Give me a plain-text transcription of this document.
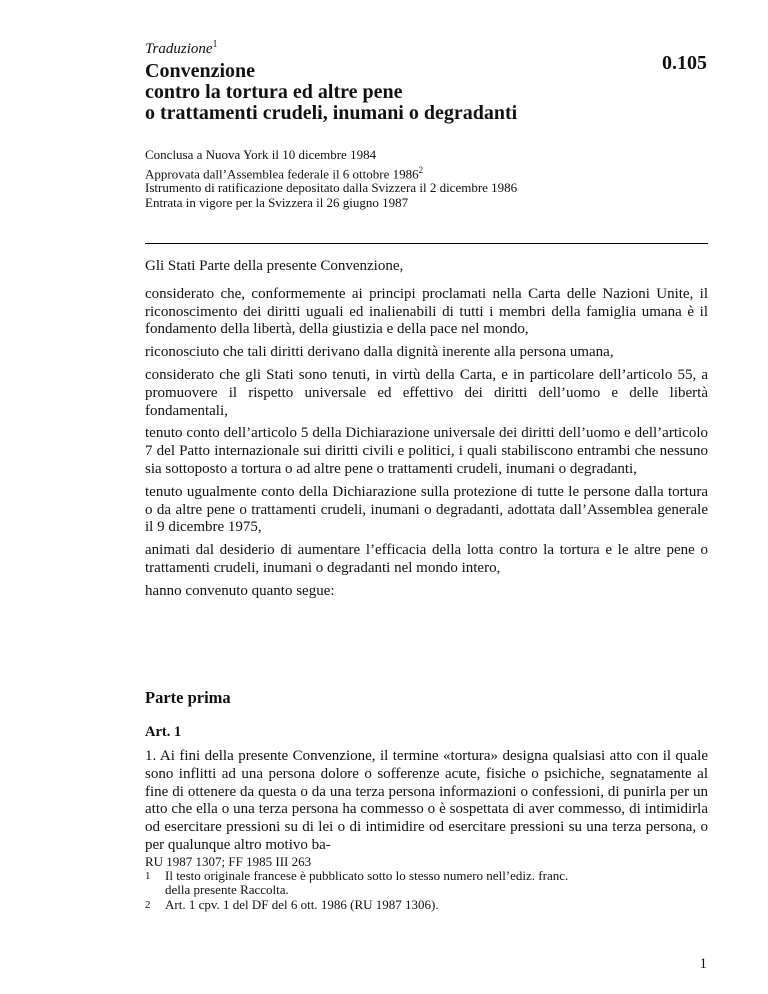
Traduzione$^1$
Convenzione
contro la tortura ed altre pene
o trattamenti crudeli, inumani o degradanti
0.105
Conclusa a Nuova York il 10 dicembre 1984
Approvata dall’Assemblea federale il 6 ottobre 1986$^2$
Istrumento di ratificazione depositato dalla Svizzera il 2 dicembre 1986
Entrata in vigore per la Svizzera il 26 giugno 1987

Gli Stati Parte della presente Convenzione,

considerato che, conformemente ai principi proclamati nella Carta delle Nazioni Unite, il riconoscimento dei diritti uguali ed inalienabili di tutti i membri della famiglia umana è il fondamento della libertà, della giustizia e della pace nel mondo,

riconosciuto che tali diritti derivano dalla dignità inerente alla persona umana,

considerato che gli Stati sono tenuti, in virtù della Carta, e in particolare dell’articolo 55, a promuovere il rispetto universale ed effettivo dei diritti dell’uomo e delle libertà fondamentali,

tenuto conto dell’articolo 5 della Dichiarazione universale dei diritti dell’uomo e dell’articolo 7 del Patto internazionale sui diritti civili e politici, i quali stabiliscono entrambi che nessuno sia sottoposto a tortura o ad altre pene o trattamenti crudeli, inumani o degradanti,

tenuto ugualmente conto della Dichiarazione sulla protezione di tutte le persone dalla tortura o da altre pene o trattamenti crudeli, inumani o degradanti, adottata dall’Assemblea generale il 9 dicembre 1975,

animati dal desiderio di aumentare l’efficacia della lotta contro la tortura e le altre pene o trattamenti crudeli, inumani o degradanti nel mondo intero,

hanno convenuto quanto segue:

Parte prima
Art. 1
1. Ai fini della presente Convenzione, il termine «tortura» designa qualsiasi atto con il quale sono inflitti ad una persona dolore o sofferenze acute, fisiche o psichiche, segnatamente al fine di ottenere da questa o da una terza persona informazioni o confessioni, di punirla per un atto che ella o una terza persona ha commesso o è sospettata di aver commesso, di intimidirla od esercitare pressioni su di lei o di intimidire od esercitare pressioni su una terza persona, o per qualunque altro motivo ba-
RU 1987 1307; FF 1985 III 263
1	Il testo originale francese è pubblicato sotto lo stesso numero nell’ediz. franc. della presente Raccolta.
2	Art. 1 cpv. 1 del DF del 6 ott. 1986 (RU 1987 1306).
1
